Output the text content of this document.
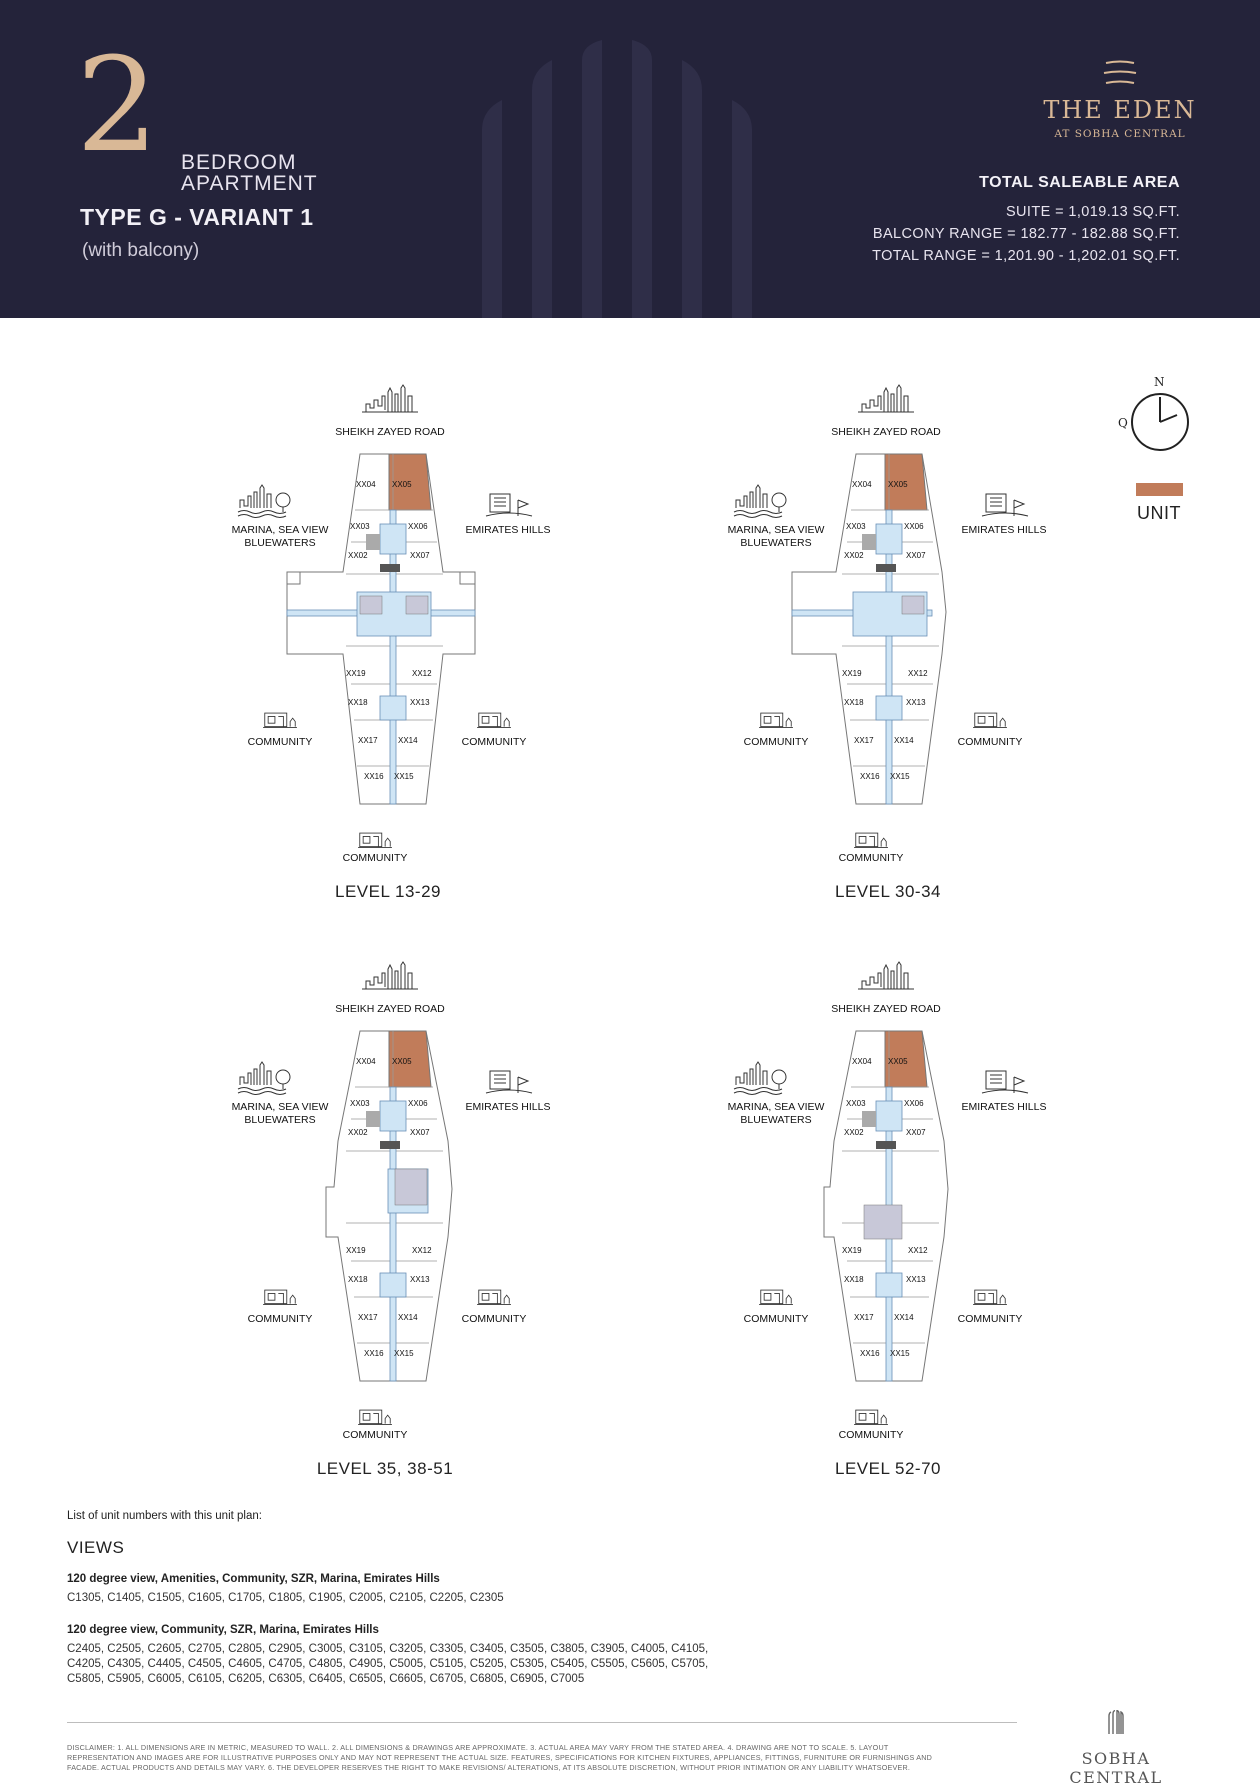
2 BEDROOM
APARTMENT
TYPE G - VARIANT 1
(with balcony)
THE EDEN
AT SOBHA CENTRAL
TOTAL SALEABLE AREA
SUITE = 1,019.13 SQ.FT.
BALCONY RANGE = 182.77 - 182.88 SQ.FT.
TOTAL RANGE = 1,201.90 - 1,202.01 SQ.FT.
XX04 XX05
XX03	XX06
XX02	XX07
XX19	XX12
XX18	XX13
XX17	XX14
XX16 XX15
SHEIKH ZAYED ROAD
MARINA, SEA VIEW
BLUEWATERS
EMIRATES HILLS
COMMUNITY	COMMUNITY
COMMUNITY
LEVEL 13-29
XX04 XX05
XX03	XX06
XX02	XX07
XX19	XX12
XX18	XX13
XX17	XX14
XX16 XX15
SHEIKH ZAYED ROAD
MARINA, SEA VIEW
BLUEWATERS
EMIRATES HILLS
COMMUNITY	COMMUNITY
COMMUNITY
LEVEL 30-34
XX04 XX05
XX03	XX06
XX02	XX07
XX19	XX12
XX18	XX13
XX17	XX14
XX16 XX15
SHEIKH ZAYED ROAD
MARINA, SEA VIEW
BLUEWATERS
EMIRATES HILLS
COMMUNITY	COMMUNITY
COMMUNITY
LEVEL 35, 38-51
XX04 XX05
XX03	XX06
XX02	XX07
XX19	XX12
XX18	XX13
XX17	XX14
XX16 XX15
SHEIKH ZAYED ROAD
MARINA, SEA VIEW
BLUEWATERS
EMIRATES HILLS
COMMUNITY	COMMUNITY
COMMUNITY
LEVEL 52-70
N
Q
UNIT
List of unit numbers with this unit plan:
VIEWS
120 degree view, Amenities, Community, SZR, Marina, Emirates Hills
C1305, C1405, C1505, C1605, C1705, C1805, C1905, C2005, C2105, C2205, C2305
120 degree view, Community, SZR, Marina, Emirates Hills
C2405, C2505, C2605, C2705, C2805, C2905, C3005, C3105, C3205, C3305, C3405, C3505, C3805, C3905, C4005, C4105,
C4205, C4305, C4405, C4505, C4605, C4705, C4805, C4905, C5005, C5105, C5205, C5305, C5405, C5505, C5605, C5705,
C5805, C5905, C6005, C6105, C6205, C6305, C6405, C6505, C6605, C6705, C6805, C6905, C7005
DISCLAIMER: 1. ALL DIMENSIONS ARE IN METRIC, MEASURED TO WALL. 2. ALL DIMENSIONS & DRAWINGS ARE APPROXIMATE. 3. ACTUAL AREA MAY VARY FROM THE STATED AREA. 4. DRAWING ARE NOT TO SCALE. 5. LAYOUT
REPRESENTATION AND IMAGES ARE FOR ILLUSTRATIVE PURPOSES ONLY AND MAY NOT REPRESENT THE ACTUAL SIZE. FEATURES, SPECIFICATIONS FOR KITCHEN FIXTURES, APPLIANCES, FITTINGS, FURNITURE OR FURNISHINGS AND
FACADE. ACTUAL PRODUCTS AND DETAILS MAY VARY. 6. THE DEVELOPER RESERVES THE RIGHT TO MAKE REVISIONS/ ALTERATIONS, AT ITS ABSOLUTE DISCRETION, WITHOUT PRIOR INTIMATION OR ANY LIABILITY WHATSOEVER.	SOBHA CENTRAL
